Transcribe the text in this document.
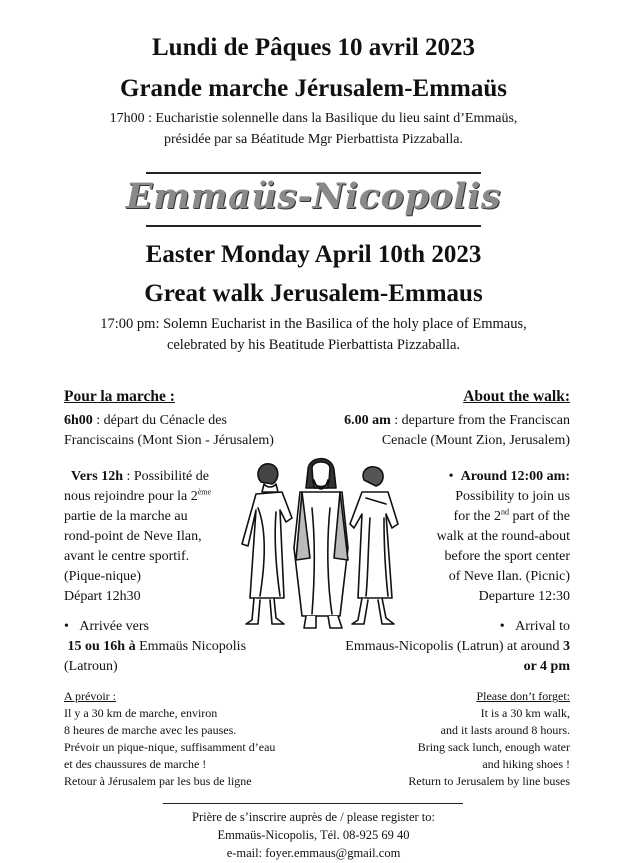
Lundi de Pâques 10 avril 2023
Grande marche Jérusalem-Emmaüs
17h00 : Eucharistie solennelle dans la Basilique du lieu saint d’Emmaüs,
présidée par sa Béatitude Mgr Pierbattista Pizzaballa.
Emmaüs-Nicopolis
Easter Monday April 10th 2023
Great walk Jerusalem-Emmaus
17:00 pm: Solemn Eucharist in the Basilica of the holy place of Emmaus,
celebrated by his Beatitude Pierbattista Pizzaballa.
Pour la marche :
6h00 : départ du Cénacle des
Franciscains (Mont Sion - Jérusalem)
Vers 12h : Possibilité de
nous rejoindre pour la 2ème
partie de la marche au
rond-point de Neve Ilan,
avant le centre sportif.
(Pique-nique)
Départ 12h30
• Arrivée vers
15 ou 16h à Emmaüs Nicopolis
(Latroun)
About the walk:
6.00 am : departure from the Franciscan
Cenacle (Mount Zion, Jerusalem)
• Around 12:00 am:
Possibility to join us
for the 2nd part of the
walk at the round-about
before the sport center
of Neve Ilan. (Picnic)
Departure 12:30
• Arrival to
Emmaus-Nicopolis (Latrun) at around 3
or 4 pm
A prévoir :
Il y a 30 km de marche, environ
8 heures de marche avec les pauses.
Prévoir un pique-nique, suffisamment d’eau
et des chaussures de marche !
Retour à Jérusalem par les bus de ligne
Please don’t forget:
It is a 30 km walk,
and it lasts around 8 hours.
Bring sack lunch, enough water
and hiking shoes !
Return to Jerusalem by line buses
Prière de s’inscrire auprès de / please register to:
Emmaüs-Nicopolis, Tél. 08-925 69 40
e-mail: foyer.emmaus@gmail.com
